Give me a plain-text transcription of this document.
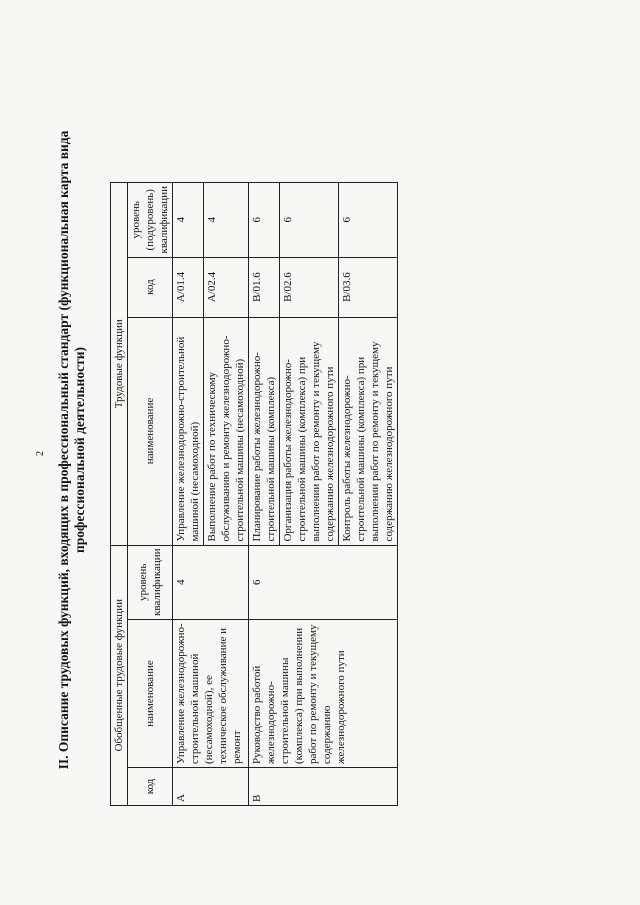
2 II. Описание трудовых функций, входящих в профессиональный стандарт (функциональная карта вида
профессиональной деятельности)

Обобщенные трудовые функции			Трудовые функции		
код	наименование	уровень квалификации	наименование	код	уровень (подуровень) квалификации
A	Управление железнодорожно-строительной машиной (несамоходной), ее техническое обслуживание и ремонт	4	Управление железнодорожно-строительной машиной (несамоходной)	A/01.4	4
			Выполнение работ по техническому обслуживанию и ремонту железнодорожно-строительной машины (несамоходной)	A/02.4	4
B	Руководство работой железнодорожно-строительной машины (комплекса) при выполнении работ по ремонту и текущему содержанию железнодорожного пути	6	Планирование работы железнодорожно-строительной машины (комплекса)	B/01.6	6
			Организация работы железнодорожно-строительной машины (комплекса) при выполнении работ по ремонту и текущему содержанию железнодорожного пути	B/02.6	6
			Контроль работы железнодорожно-строительной машины (комплекса) при выполнении работ по ремонту и текущему содержанию железнодорожного пути	B/03.6	6
